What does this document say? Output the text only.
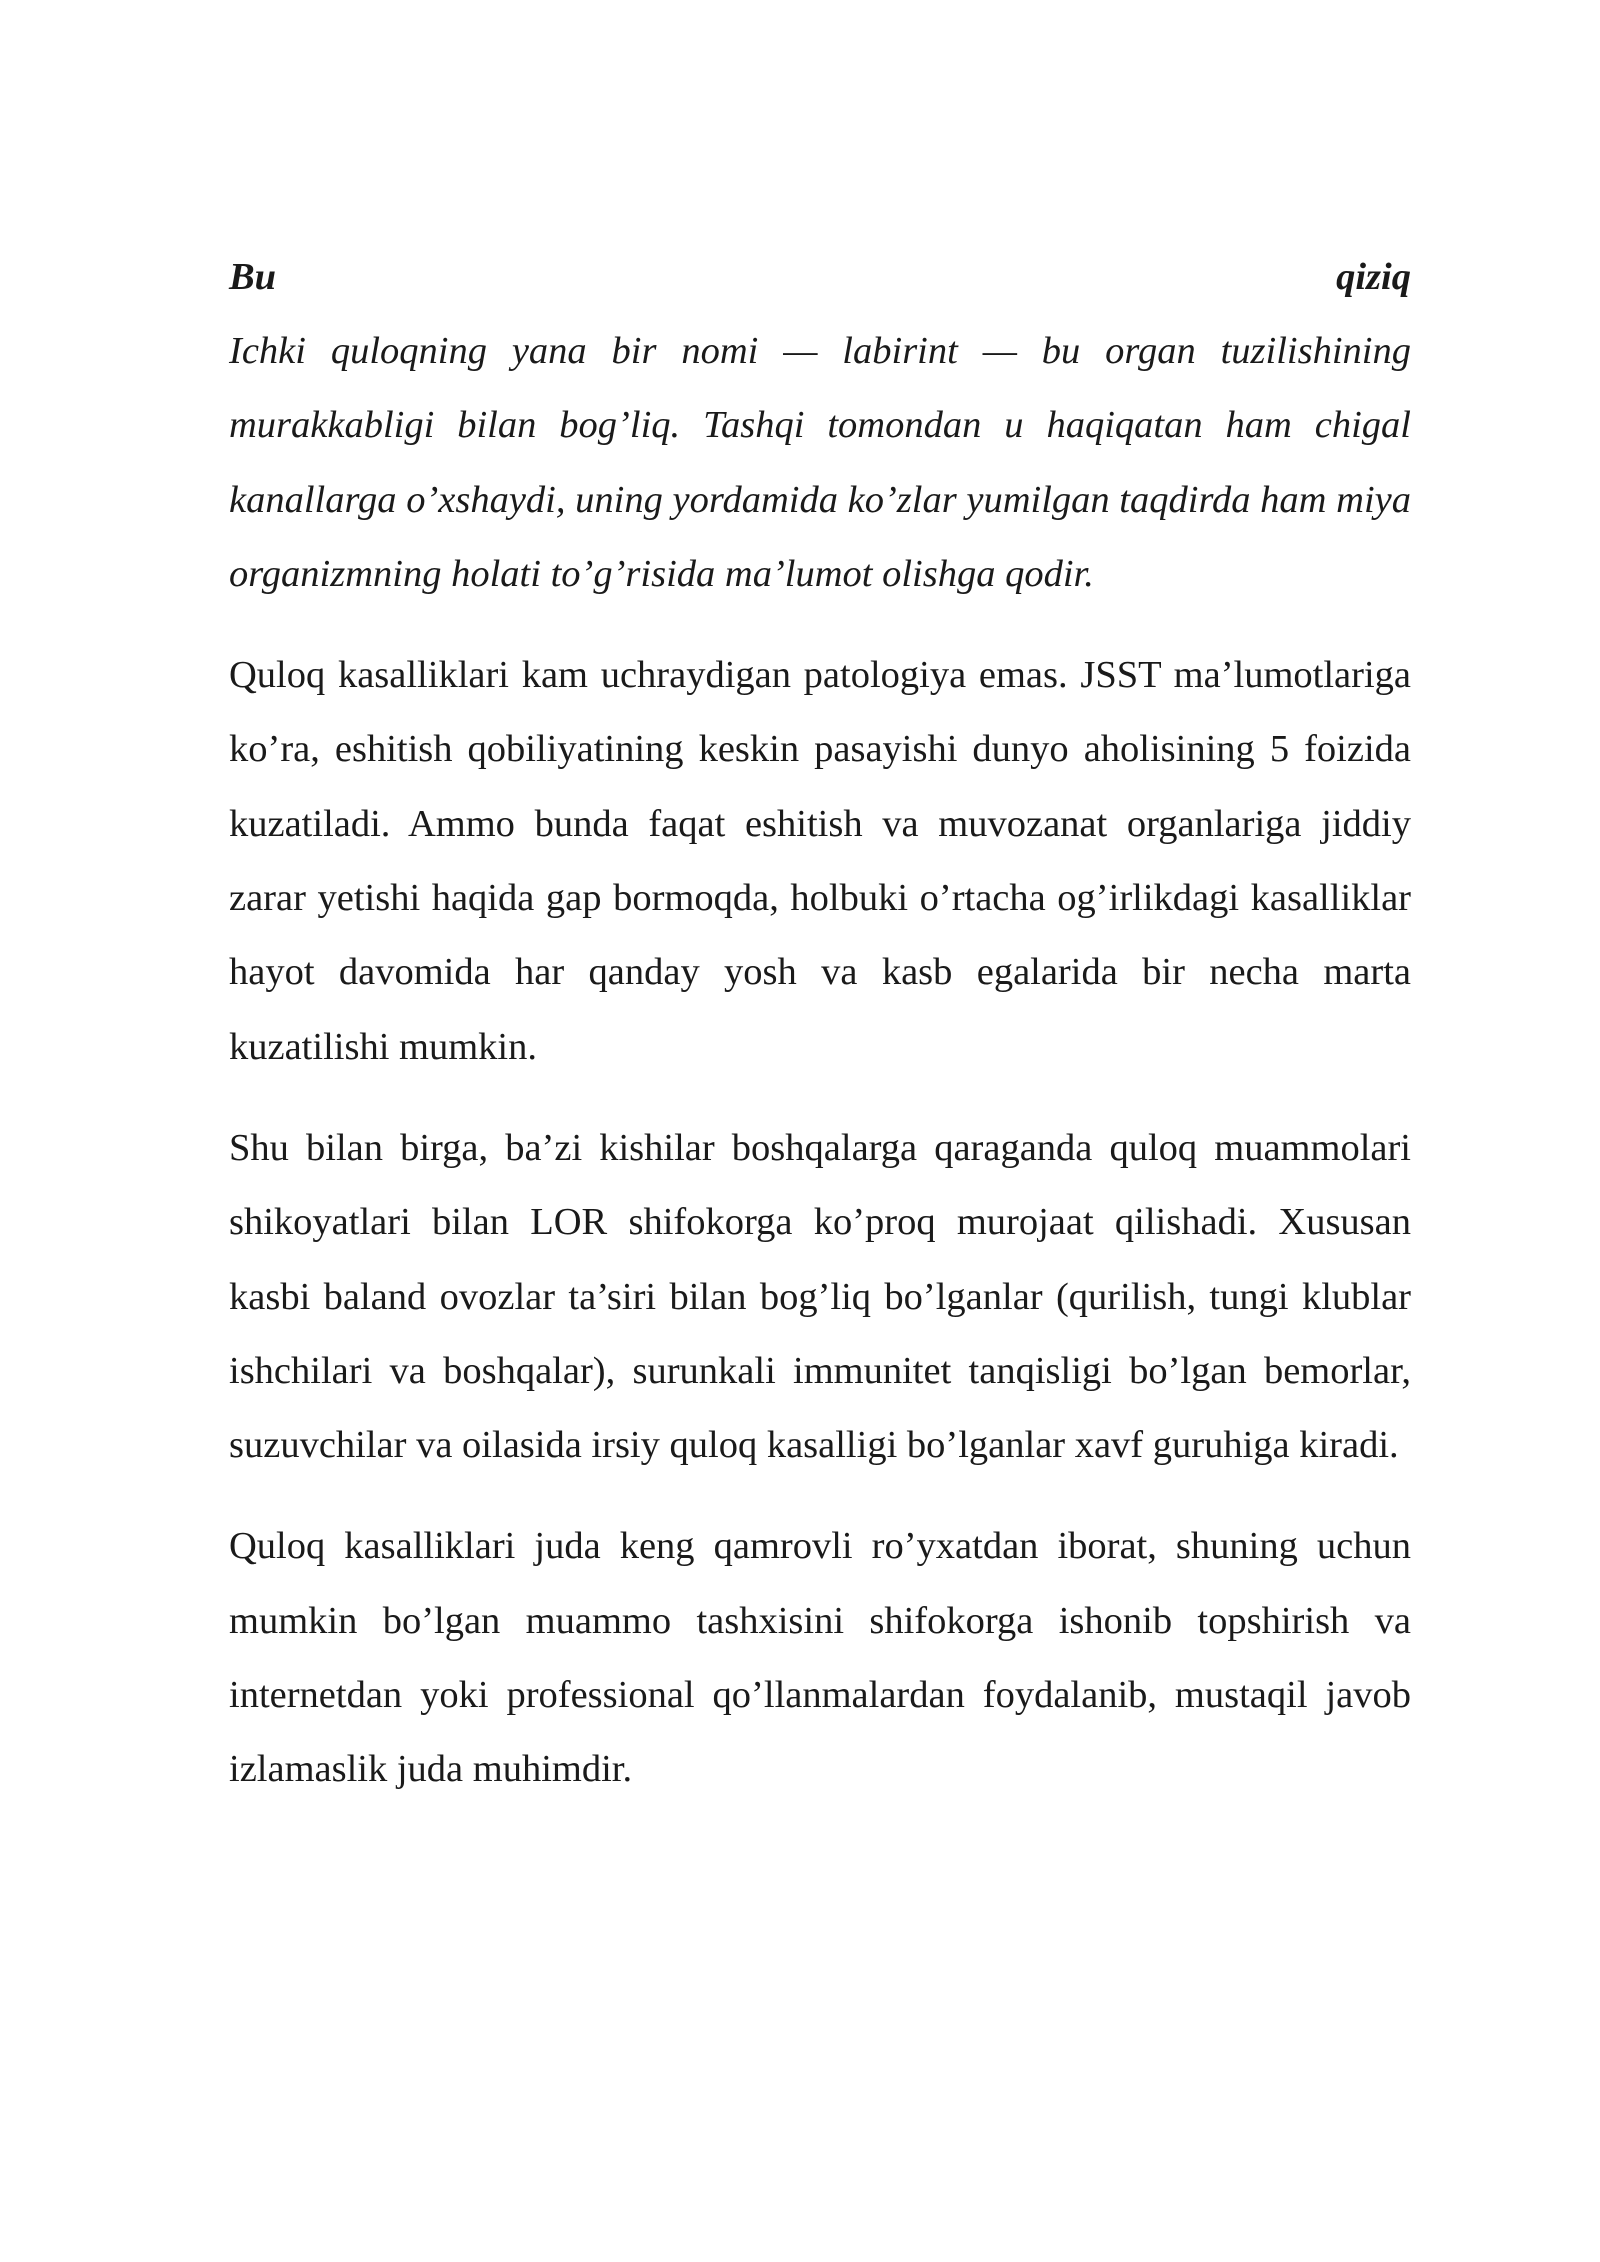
Bu	qiziq

Ichki quloqning yana bir nomi — labirint — bu organ tuzilishining murakkabligi bilan bog’liq. Tashqi tomondan u haqiqatan ham chigal kanallarga o’xshaydi, uning yordamida ko’zlar yumilgan taqdirda ham miya organizmning holati to’g’risida ma’lumot olishga qodir.

Quloq kasalliklari kam uchraydigan patologiya emas. JSST ma’lumotlariga ko’ra, eshitish qobiliyatining keskin pasayishi dunyo aholisining 5 foizida kuzatiladi. Ammo bunda faqat eshitish va muvozanat organlariga jiddiy zarar yetishi haqida gap bormoqda, holbuki o’rtacha og’irlikdagi kasalliklar hayot davomida har qanday yosh va kasb egalarida bir necha marta kuzatilishi mumkin.

Shu bilan birga, ba’zi kishilar boshqalarga qaraganda quloq muammolari shikoyatlari bilan LOR shifokorga ko’proq murojaat qilishadi. Xususan kasbi baland ovozlar ta’siri bilan bog’liq bo’lganlar (qurilish, tungi klublar ishchilari va boshqalar), surunkali immunitet tanqisligi bo’lgan bemorlar, suzuvchilar va oilasida irsiy quloq kasalligi bo’lganlar xavf guruhiga kiradi.

Quloq kasalliklari juda keng qamrovli ro’yxatdan iborat, shuning uchun mumkin bo’lgan muammo tashxisini shifokorga ishonib topshirish va internetdan yoki professional qo’llanmalardan foydalanib, mustaqil javob izlamaslik juda muhimdir.
